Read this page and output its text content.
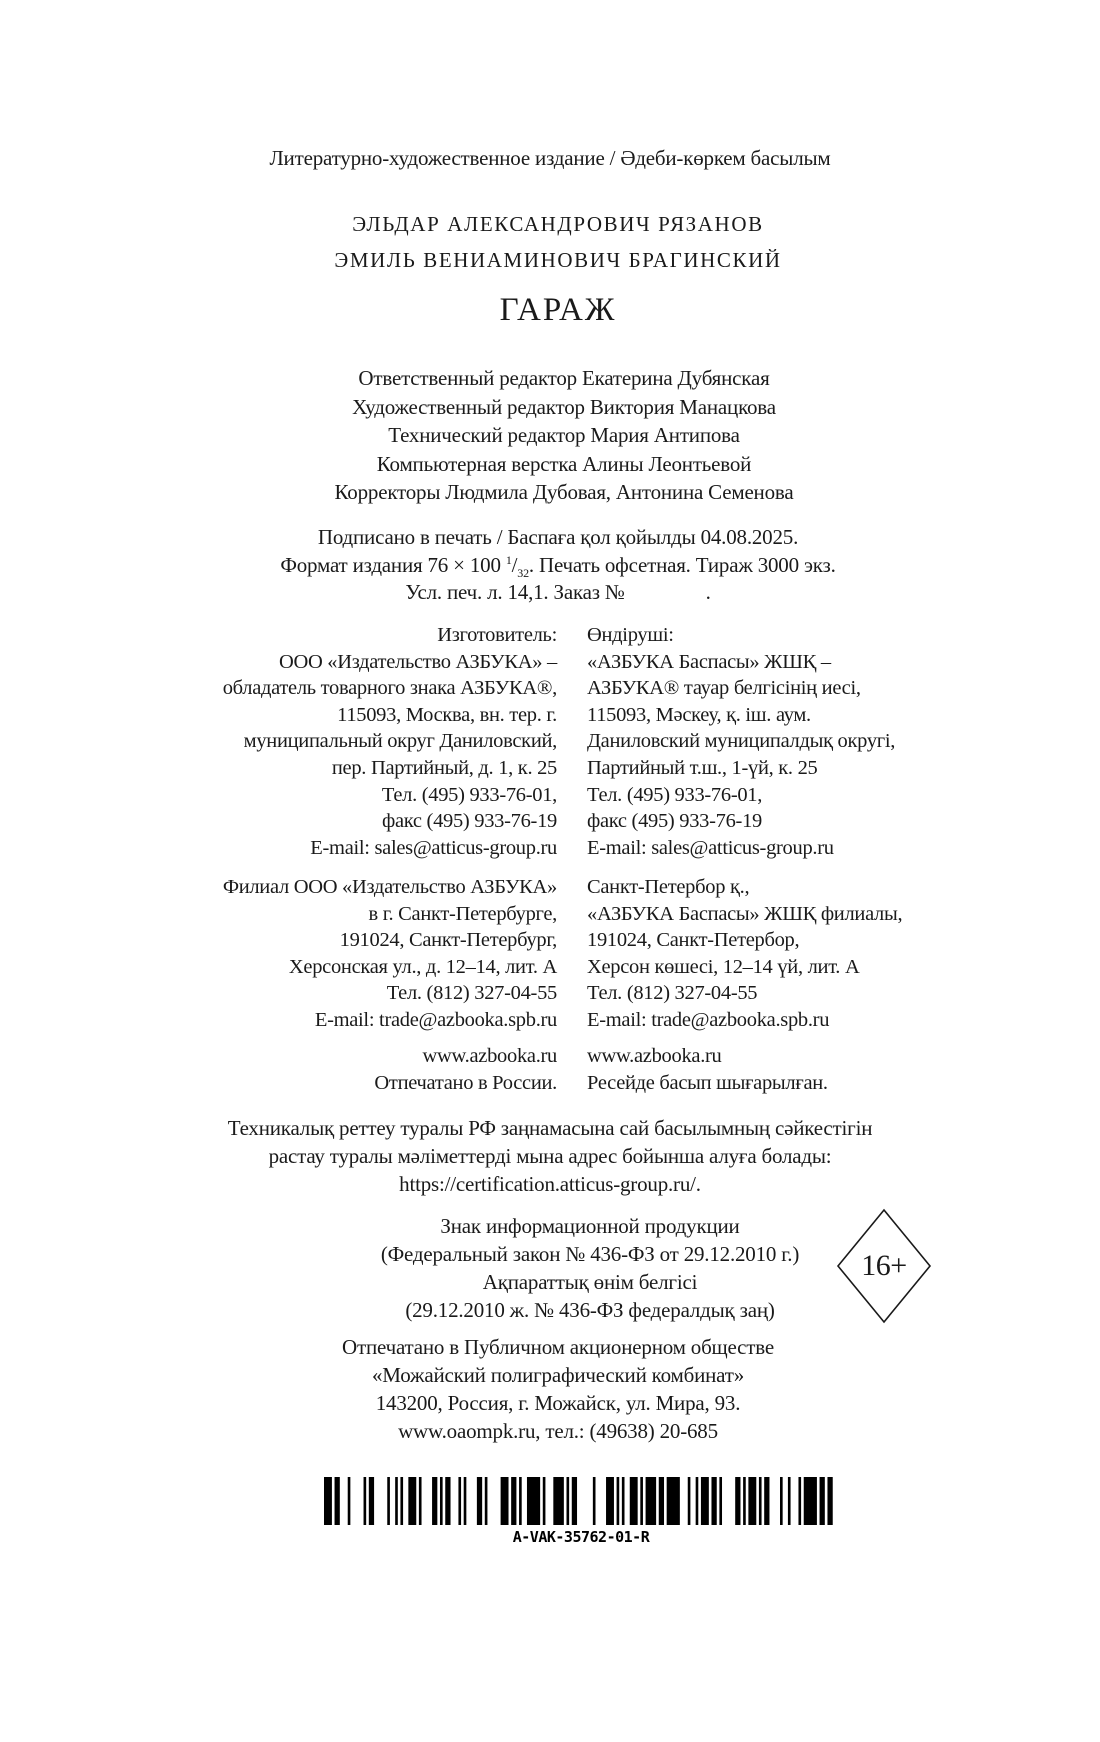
Литературно-художественное издание / Әдеби-көркем басылым
ЭЛЬДАР АЛЕКСАНДРОВИЧ РЯЗАНОВ
ЭМИЛЬ ВЕНИАМИНОВИЧ БРАГИНСКИЙ
ГАРАЖ
Ответственный редактор Екатерина Дубянская
Художественный редактор Виктория Манацкова
Технический редактор Мария Антипова
Компьютерная верстка Алины Леонтьевой
Корректоры Людмила Дубовая, Антонина Семенова
Подписано в печать / Баспаға қол қойылды 04.08.2025.
Формат издания 76 × 100 $^1/_{32}$. Печать офсетная. Тираж 3000 экз.
Усл. печ. л. 14,1. Заказ №	.
Изготовитель:
ООО «Издательство АЗБУКА» –
обладатель товарного знака АЗБУКА®,
115093, Москва, вн. тер. г.
муниципальный округ Даниловский,
пер. Партийный, д. 1, к. 25
Тел. (495) 933-76-01,
факс (495) 933-76-19
E-mail: sales@atticus-group.ru
Өндіруші:
«АЗБУКА Баспасы» ЖШҚ –
АЗБУКА® тауар белгісінің иесі,
115093, Мәскеу, қ. іш. аум.
Даниловский муниципалдық округі,
Партийный т.ш., 1-үй, к. 25
Тел. (495) 933-76-01,
факс (495) 933-76-19
E-mail: sales@atticus-group.ru
Филиал ООО «Издательство АЗБУКА»
в г. Санкт-Петербурге,
191024, Санкт-Петербург,
Херсонская ул., д. 12–14, лит. А
Тел. (812) 327-04-55
E-mail: trade@azbooka.spb.ru
Санкт-Петербор қ.,
«АЗБУКА Баспасы» ЖШҚ филиалы,
191024, Санкт-Петербор,
Херсон көшесі, 12–14 үй, лит. А
Тел. (812) 327-04-55
E-mail: trade@azbooka.spb.ru
www.azbooka.ru
Отпечатано в России.
www.azbooka.ru
Ресейде басып шығарылған.
Техникалық реттеу туралы РФ заңнамасына сай басылымның сәйкестігін
растау туралы мәліметтерді мына адрес бойынша алуға болады:
https://certification.atticus-group.ru/.
Знак информационной продукции
(Федеральный закон № 436-ФЗ от 29.12.2010 г.)
Ақпараттық өнім белгісі
(29.12.2010 ж. № 436-ФЗ федералдық заң)
16+
Отпечатано в Публичном акционерном обществе
«Можайский полиграфический комбинат»
143200, Россия, г. Можайск, ул. Мира, 93.
www.oaompk.ru, тел.: (49638) 20-685
A-VAK-35762-01-R
